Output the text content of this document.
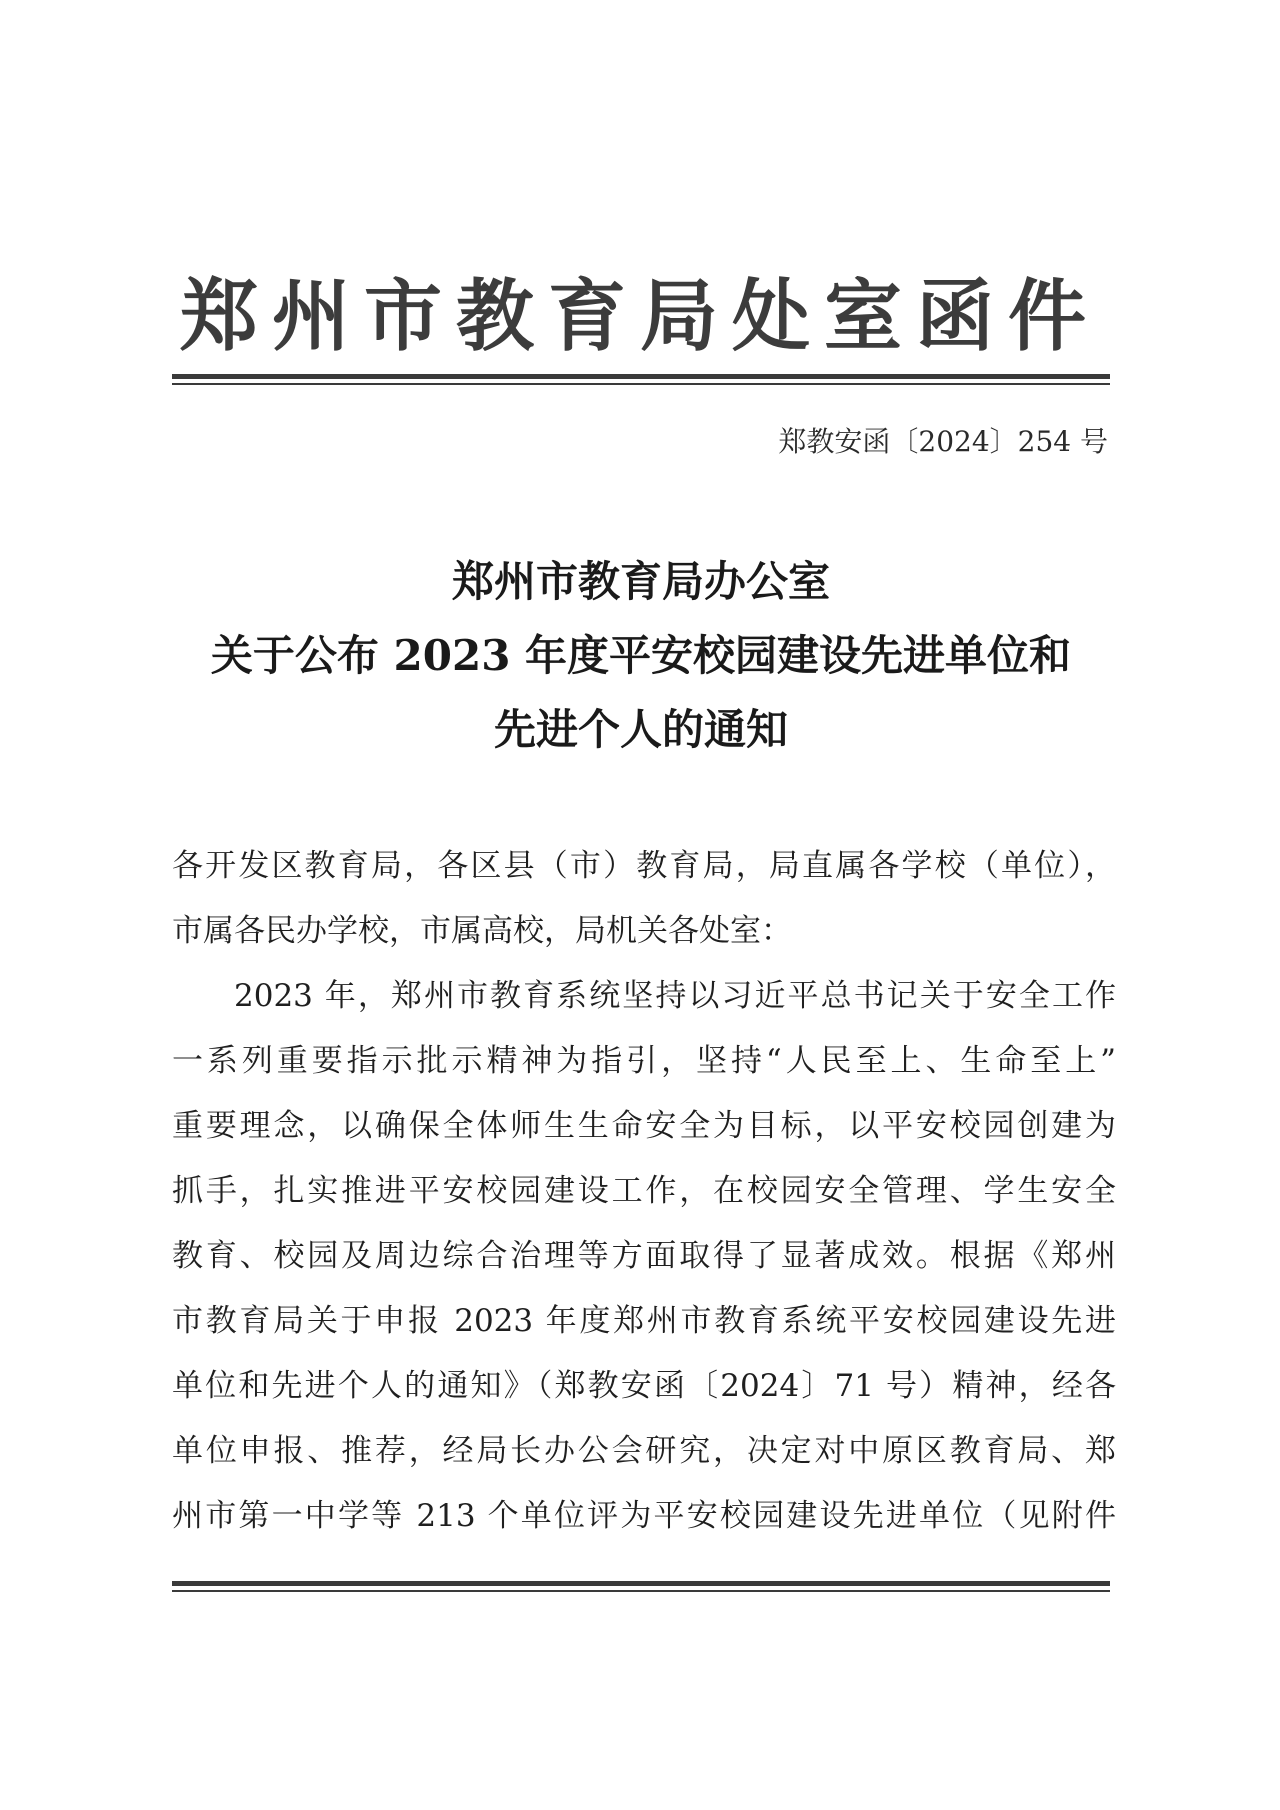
郑州市教育局处室函件
郑教安函〔2024〕254 号
郑州市教育局办公室
关于公布 2023 年度平安校园建设先进单位和
先进个人的通知
各开发区教育局，各区县（市）教育局，局直属各学校（单位），
市属各民办学校，市属高校，局机关各处室：
2023 年，郑州市教育系统坚持以习近平总书记关于安全工作
一系列重要指示批示精神为指引，坚持“人民至上、生命至上”
重要理念，以确保全体师生生命安全为目标，以平安校园创建为
抓手，扎实推进平安校园建设工作，在校园安全管理、学生安全
教育、校园及周边综合治理等方面取得了显著成效。根据《郑州
市教育局关于申报 2023 年度郑州市教育系统平安校园建设先进
单位和先进个人的通知》（郑教安函〔2024〕71 号）精神，经各
单位申报、推荐，经局长办公会研究，决定对中原区教育局、郑
州市第一中学等 213 个单位评为平安校园建设先进单位（见附件
